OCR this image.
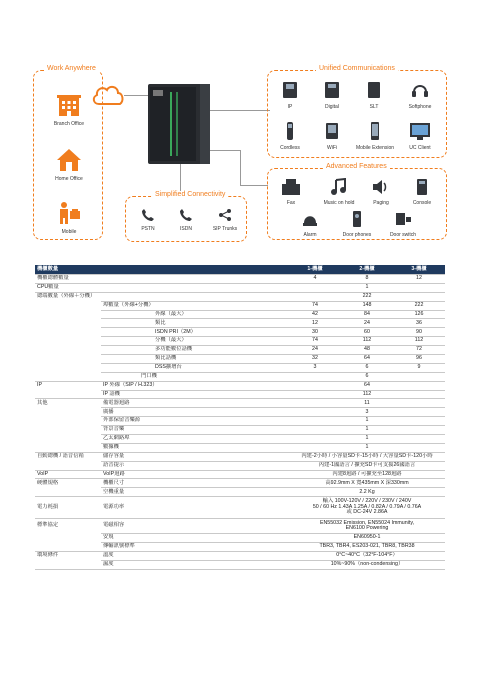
Work Anywhere
Branch Office
Home Office
Mobile
Unified Communications
IP	Digital	SLT	Softphone
Cordless	WiFi	Mobile Extension	UC Client
Advanced Features
Fax	Music on hold	Paging	Console
Alarm	Door phones	Door switch
Simplified Connectivity
PSTN	ISDN	SIP Trunks
機櫃數量			1-機櫃	2-機櫃	3-機櫃
機櫃總體數量			4	8	12
CPU數量			1		
總端數量（外線＋分機）			222		
	埠數量（外線+分機）		74	148	222
		外線（最大）	42	84	126
		類比	12	24	36
		ISDN PRI（2M）	30	60	90
		分機（最大）	74	112	112
		多功能數位話機	24	48	72
		類比話機	32	64	96
		DSS擴增台	3	6	9
		門口機	6		
IP	IP 外線（SIP / H.323）		64		
	IP 話機		112		
其他	備電器迴路		11		
	廣播		3		
	外部保留音樂源		1		
	背景音樂		1		
	乙太網路埠		1		
	數據機		1		
自動總機 / 語音信箱	儲存容量		內建-2小時 / 小容量SD卡-15小時 / 大容量SD卡-120小時		
	語音提示		內建-1國語言 / 擴充SD卡可支援26國語言		
VoIP	VoIP迴路		內建8迴路 / 可擴充至128迴路		
硬體規格	機櫃尺寸		高92.9mm X 寬435mm X 深330mm		
	空機重量		2.2 Kg		
電力耗損	電源功率		輸入 100V-120V / 220V / 230V / 240V
50 / 60 Hz 1.43A 1.25A / 0.82A / 0.79A / 0.76A
或 DC-24V 2.86A		
標準協定	電磁相容		EN55032 Emission, EN55024 Immunity,
EN6100 Powering		
	安規		EN60950-1		
	傳輸訊號標準		TBR3, TBR4, ES203-021, TBR8, TBR38		
環境條件	溫度		0°C~40°C（32°F-104°F）		
	濕度		10%~90%（non-condensing）		
